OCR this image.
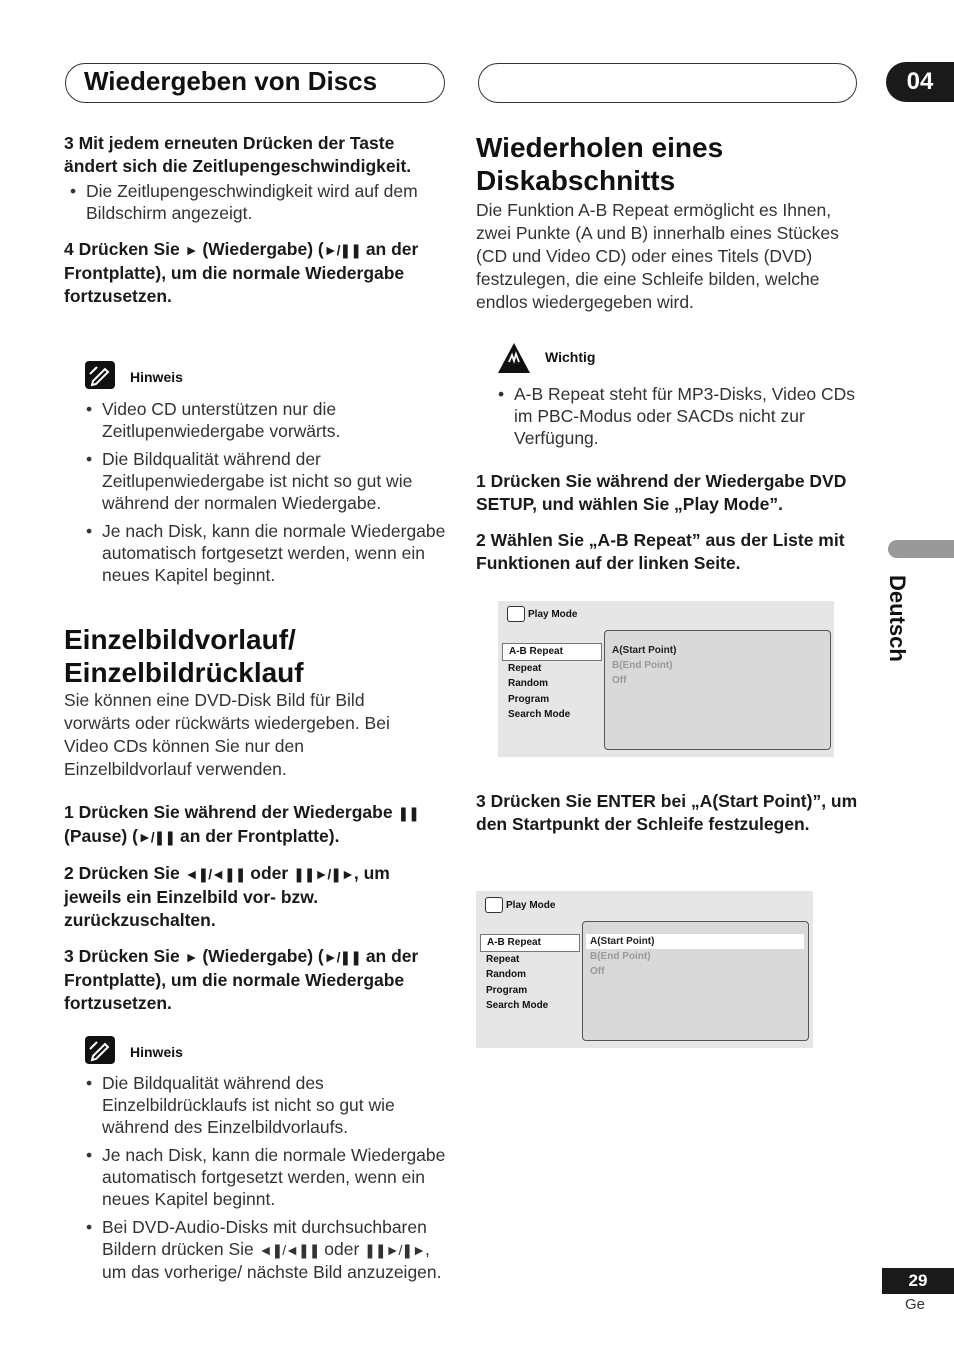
Wiedergeben von Discs	04
Deutsch

3 Mit jedem erneuten Drücken der Taste ändert sich die Zeitlupengeschwindigkeit.

• Die Zeitlupengeschwindigkeit wird auf dem Bildschirm angezeigt.

4 Drücken Sie ► (Wiedergabe) (►/❚❚ an der Frontplatte), um die normale Wiedergabe fortzusetzen.

Hinweis
• Video CD unterstützen nur die Zeitlupenwiedergabe vorwärts.
• Die Bildqualität während der Zeitlupenwiedergabe ist nicht so gut wie während der normalen Wiedergabe.
• Je nach Disk, kann die normale Wiedergabe automatisch fortgesetzt werden, wenn ein neues Kapitel beginnt.

Einzelbildvorlauf/ Einzelbildrücklauf

Sie können eine DVD-Disk Bild für Bild vorwärts oder rückwärts wiedergeben. Bei Video CDs können Sie nur den Einzelbildvorlauf verwenden.

1 Drücken Sie während der Wiedergabe ❚❚ (Pause) (►/❚❚ an der Frontplatte).

2 Drücken Sie ◄❚/◄❚❚ oder ❚❚►/❚►, um jeweils ein Einzelbild vor- bzw. zurückzuschalten.

3 Drücken Sie ► (Wiedergabe) (►/❚❚ an der Frontplatte), um die normale Wiedergabe fortzusetzen.

Hinweis
• Die Bildqualität während des Einzelbildrücklaufs ist nicht so gut wie während des Einzelbildvorlaufs.
• Je nach Disk, kann die normale Wiedergabe automatisch fortgesetzt werden, wenn ein neues Kapitel beginnt.
• Bei DVD-Audio-Disks mit durchsuchbaren Bildern drücken Sie ◄❚/◄❚❚ oder ❚❚►/❚►, um das vorherige/ nächste Bild anzuzeigen.

Wiederholen eines Diskabschnitts

Die Funktion A-B Repeat ermöglicht es Ihnen, zwei Punkte (A und B) innerhalb eines Stückes (CD und Video CD) oder eines Titels (DVD) festzulegen, die eine Schleife bilden, welche endlos wiedergegeben wird.

Wichtig
• A-B Repeat steht für MP3-Disks, Video CDs im PBC-Modus oder SACDs nicht zur Verfügung.

1 Drücken Sie während der Wiedergabe DVD SETUP, und wählen Sie „Play Mode”.

2 Wählen Sie „A-B Repeat” aus der Liste mit Funktionen auf der linken Seite.

Play Mode
A-B Repeat
Repeat
Random
Program
Search Mode
A(Start Point)
B(End Point)
Off

3 Drücken Sie ENTER bei „A(Start Point)”, um den Startpunkt der Schleife festzulegen.

Play Mode
A-B Repeat
Repeat
Random
Program
Search Mode
A(Start Point)
B(End Point)
Off
29
Ge
